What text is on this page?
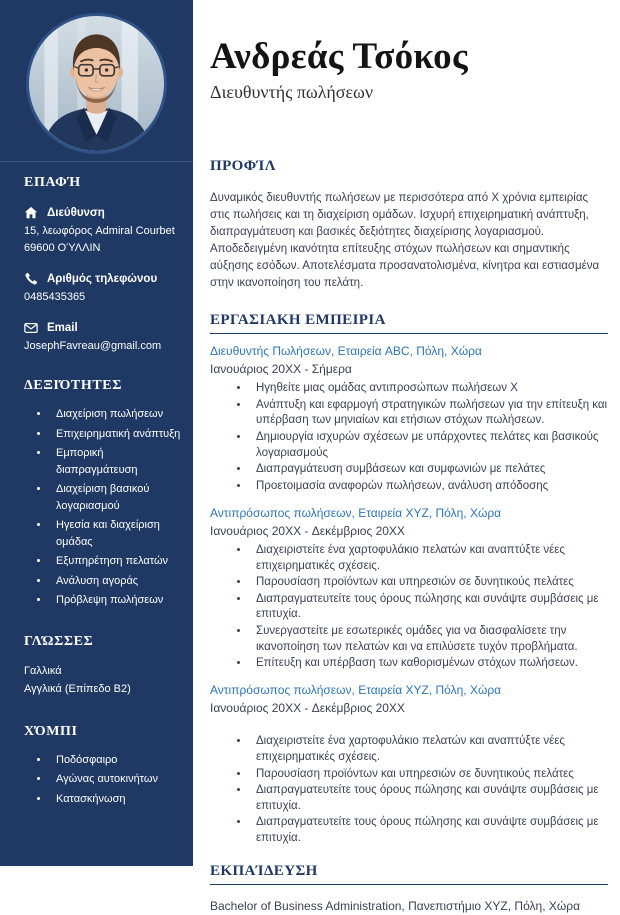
ΕΠΑΦΉ
Διεύθυνση
15, λεωφόρος Admiral Courbet
69600 ΟΎΛΛΙΝ
Αριθμός τηλεφώνου
0485435365
Email
JosephFavreau@gmail.com
ΔΕΞΙΌΤΗΤΕΣ
• Διαχείριση πωλήσεων
• Επιχειρηματική ανάπτυξη
• Εμπορική διαπραγμάτευση
• Διαχείριση βασικού λογαριασμού
• Ηγεσία και διαχείριση ομάδας
• Εξυπηρέτηση πελατών
• Ανάλυση αγοράς
• Πρόβλεψη πωλήσεων
ΓΛΏΣΣΕΣ
Γαλλικά
Αγγλικά (Επίπεδο B2)
ΧΌΜΠΙ
• Ποδόσφαιρο
• Αγώνας αυτοκινήτων
• Κατασκήνωση
Ανδρεάς Τσόκος
Διευθυντής πωλήσεων
ΠΡΟΦΊΛ

Δυναμικός διευθυντής πωλήσεων με περισσότερα από X χρόνια εμπειρίας στις πωλήσεις και τη διαχείριση ομάδων. Ισχυρή επιχειρηματική ανάπτυξη, διαπραγμάτευση και βασικές δεξιότητες διαχείρισης λογαριασμού. Αποδεδειγμένη ικανότητα επίτευξης στόχων πωλήσεων και σημαντικής αύξησης εσόδων. Αποτελέσματα προσανατολισμένα, κίνητρα και εστιασμένα στην ικανοποίηση του πελάτη.

ΕΡΓΑΣΙΑΚΗ ΕΜΠΕΙΡΙΑ
Διευθυντής Πωλήσεων, Εταιρεία ABC, Πόλη, Χώρα
Ιανουάριος 20XX - Σήμερα
• Ηγηθείτε μιας ομάδας αντιπροσώπων πωλήσεων X
• Ανάπτυξη και εφαρμογή στρατηγικών πωλήσεων για την επίτευξη και υπέρβαση των μηνιαίων και ετήσιων στόχων πωλήσεων.
• Δημιουργία ισχυρών σχέσεων με υπάρχοντες πελάτες και βασικούς λογαριασμούς
• Διαπραγμάτευση συμβάσεων και συμφωνιών με πελάτες
• Προετοιμασία αναφορών πωλήσεων, ανάλυση απόδοσης
Αντιπρόσωπος πωλήσεων, Εταιρεία XYZ, Πόλη, Χώρα
Ιανουάριος 20XX - Δεκέμβριος 20XX
• Διαχειριστείτε ένα χαρτοφυλάκιο πελατών και αναπτύξτε νέες επιχειρηματικές σχέσεις.
• Παρουσίαση προϊόντων και υπηρεσιών σε δυνητικούς πελάτες
• Διαπραγματευτείτε τους όρους πώλησης και συνάψτε συμβάσεις με επιτυχία.
• Συνεργαστείτε με εσωτερικές ομάδες για να διασφαλίσετε την ικανοποίηση των πελατών και να επιλύσετε τυχόν προβλήματα.
• Επίτευξη και υπέρβαση των καθορισμένων στόχων πωλήσεων.
Αντιπρόσωπος πωλήσεων, Εταιρεία XYZ, Πόλη, Χώρα
Ιανουάριος 20XX - Δεκέμβριος 20XX
• Διαχειριστείτε ένα χαρτοφυλάκιο πελατών και αναπτύξτε νέες επιχειρηματικές σχέσεις.
• Παρουσίαση προϊόντων και υπηρεσιών σε δυνητικούς πελάτες
• Διαπραγματευτείτε τους όρους πώλησης και συνάψτε συμβάσεις με επιτυχία.
• Διαπραγματευτείτε τους όρους πώλησης και συνάψτε συμβάσεις με επιτυχία.
ΕΚΠΑΊΔΕΥΣΗ
Bachelor of Business Administration, Πανεπιστήμιο XYZ, Πόλη, Χώρα
